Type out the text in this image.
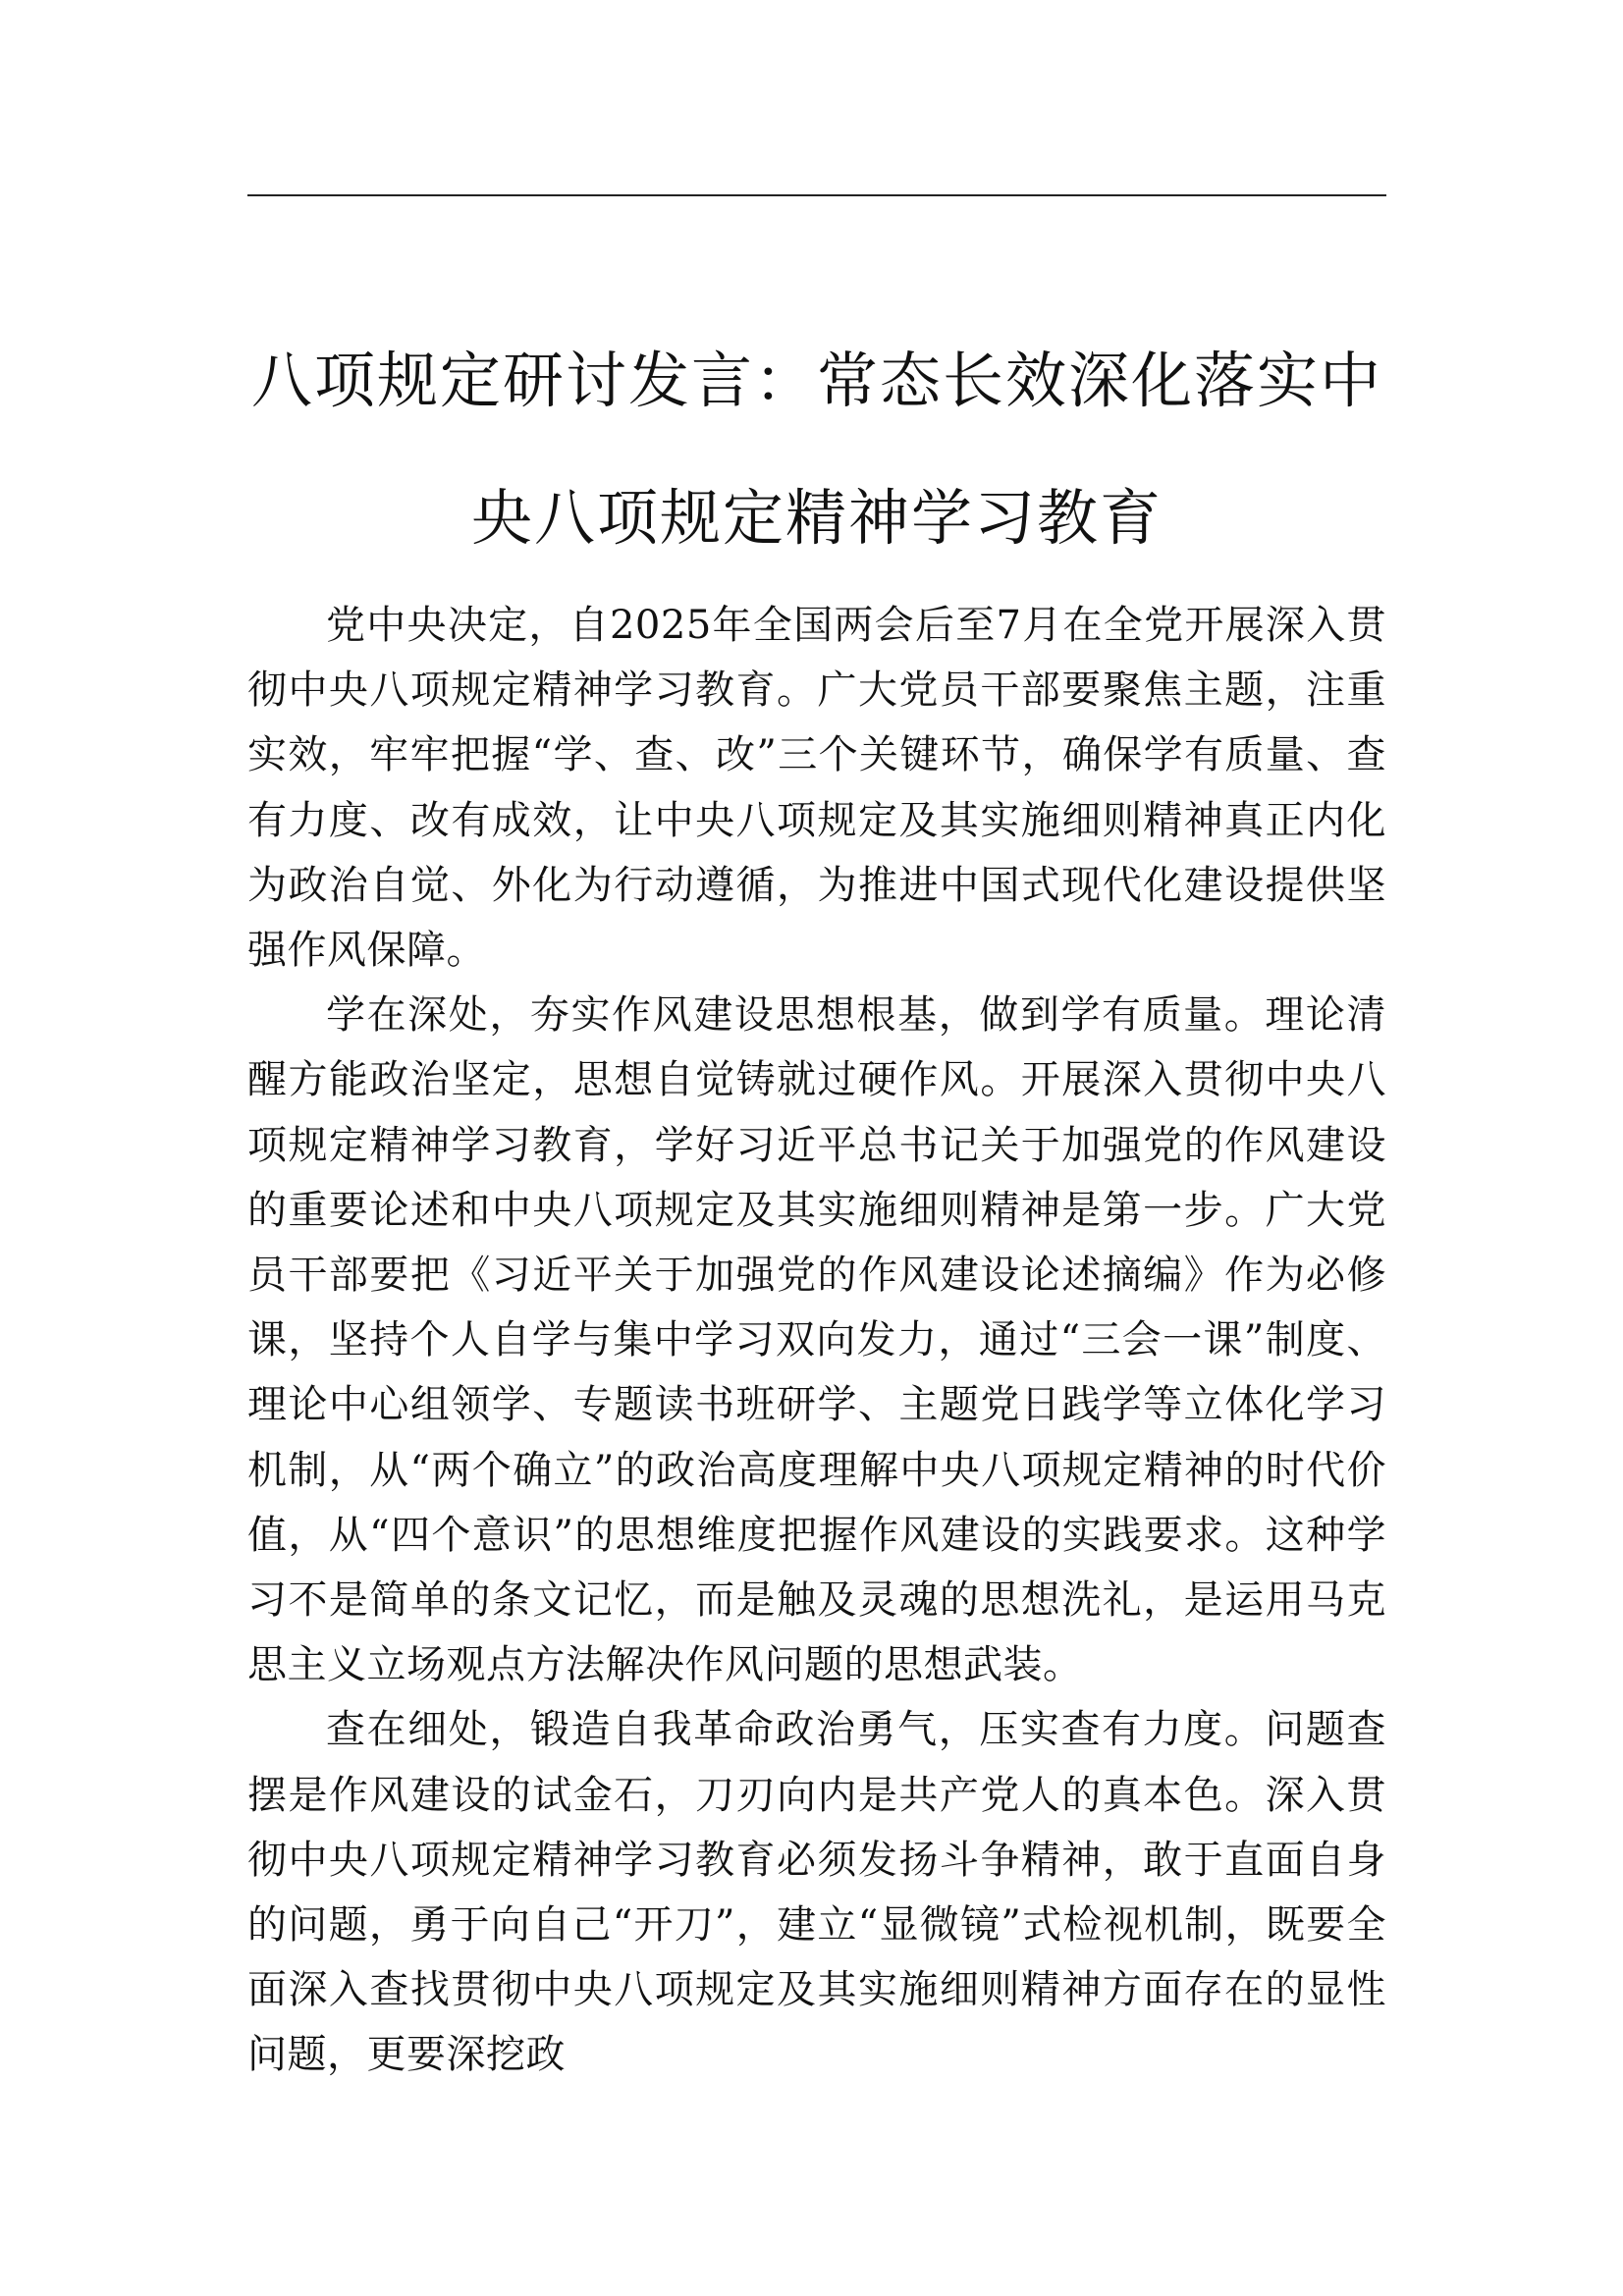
八项规定研讨发言：常态长效深化落实中
央八项规定精神学习教育

党中央决定，自2025年全国两会后至7月在全党开展深入贯彻中央八项规定精神学习教育。广大党员干部要聚焦主题，注重实效，牢牢把握“学、查、改”三个关键环节，确保学有质量、查有力度、改有成效，让中央八项规定及其实施细则精神真正内化为政治自觉、外化为行动遵循，为推进中国式现代化建设提供坚强作风保障。

学在深处，夯实作风建设思想根基，做到学有质量。理论清醒方能政治坚定，思想自觉铸就过硬作风。开展深入贯彻中央八项规定精神学习教育，学好习近平总书记关于加强党的作风建设的重要论述和中央八项规定及其实施细则精神是第一步。广大党员干部要把《习近平关于加强党的作风建设论述摘编》作为必修课，坚持个人自学与集中学习双向发力，通过“三会一课”制度、理论中心组领学、专题读书班研学、主题党日践学等立体化学习机制，从“两个确立”的政治高度理解中央八项规定精神的时代价值，从“四个意识”的思想维度把握作风建设的实践要求。这种学习不是简单的条文记忆，而是触及灵魂的思想洗礼，是运用马克思主义立场观点方法解决作风问题的思想武装。

查在细处，锻造自我革命政治勇气，压实查有力度。问题查摆是作风建设的试金石，刀刃向内是共产党人的真本色。深入贯彻中央八项规定精神学习教育必须发扬斗争精神，敢于直面自身的问题，勇于向自己“开刀”，建立“显微镜”式检视机制，既要全面深入查找贯彻中央八项规定及其实施细则精神方面存在的显性问题，更要深挖政
